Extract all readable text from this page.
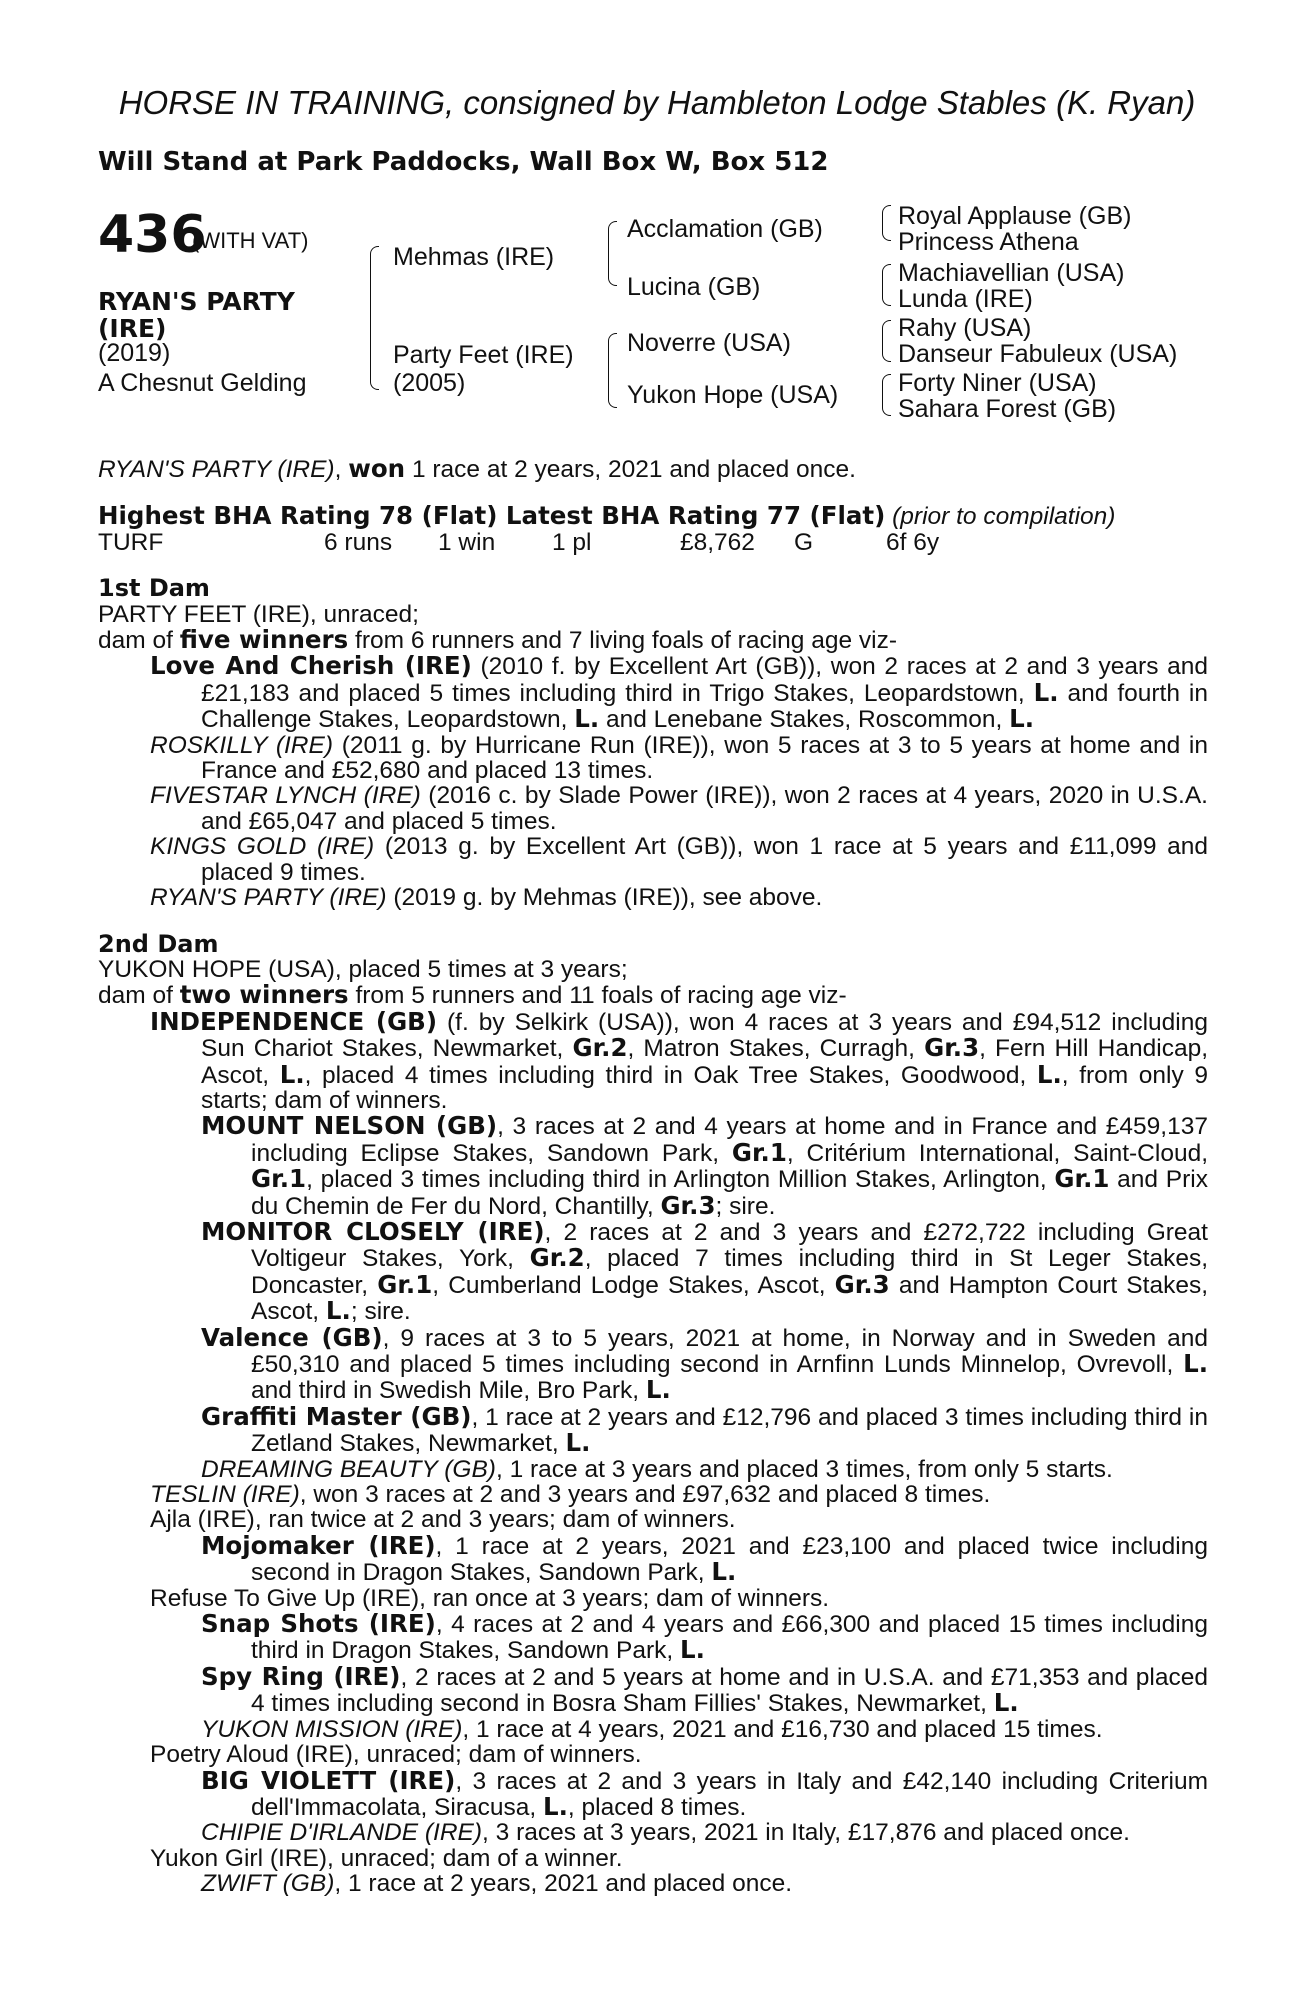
HORSE IN TRAINING, consigned by Hambleton Lodge Stables (K. Ryan)
Will Stand at Park Paddocks, Wall Box W, Box 512
436
(WITH VAT)
RYAN'S PARTY (IRE)
(2019)
A Chesnut Gelding
Mehmas (IRE)
Party Feet (IRE)
(2005)
Acclamation (GB)
Lucina (GB)
Noverre (USA)
Yukon Hope (USA)
Royal Applause (GB)
Princess Athena
Machiavellian (USA)
Lunda (IRE)
Rahy (USA)
Danseur Fabuleux (USA)
Forty Niner (USA)
Sahara Forest (GB)

RYAN'S PARTY (IRE), won 1 race at 2 years, 2021 and placed once.

Highest BHA Rating 78 (Flat) Latest BHA Rating 77 (Flat) (prior to compilation)

TURF	6 runs 1 win 1 pl	£8,762 G	6f 6y

1st Dam

PARTY FEET (IRE), unraced;

dam of five winners from 6 runners and 7 living foals of racing age viz-

Love And Cherish (IRE) (2010 f. by Excellent Art (GB)), won 2 races at 2 and 3 years and £21,183 and placed 5 times including third in Trigo Stakes, Leopardstown, L. and fourth in Challenge Stakes, Leopardstown, L. and Lenebane Stakes, Roscommon, L.

ROSKILLY (IRE) (2011 g. by Hurricane Run (IRE)), won 5 races at 3 to 5 years at home and in France and £52,680 and placed 13 times.

FIVESTAR LYNCH (IRE) (2016 c. by Slade Power (IRE)), won 2 races at 4 years, 2020 in U.S.A. and £65,047 and placed 5 times.

KINGS GOLD (IRE) (2013 g. by Excellent Art (GB)), won 1 race at 5 years and £11,099 and placed 9 times.

RYAN'S PARTY (IRE) (2019 g. by Mehmas (IRE)), see above.

2nd Dam

YUKON HOPE (USA), placed 5 times at 3 years;

dam of two winners from 5 runners and 11 foals of racing age viz-

INDEPENDENCE (GB) (f. by Selkirk (USA)), won 4 races at 3 years and £94,512 including Sun Chariot Stakes, Newmarket, Gr.2, Matron Stakes, Curragh, Gr.3, Fern Hill Handicap, Ascot, L., placed 4 times including third in Oak Tree Stakes, Goodwood, L., from only 9 starts; dam of winners.

MOUNT NELSON (GB), 3 races at 2 and 4 years at home and in France and £459,137 including Eclipse Stakes, Sandown Park, Gr.1, Critérium International, Saint-Cloud, Gr.1, placed 3 times including third in Arlington Million Stakes, Arlington, Gr.1 and Prix du Chemin de Fer du Nord, Chantilly, Gr.3; sire.

MONITOR CLOSELY (IRE), 2 races at 2 and 3 years and £272,722 including Great Voltigeur Stakes, York, Gr.2, placed 7 times including third in St Leger Stakes, Doncaster, Gr.1, Cumberland Lodge Stakes, Ascot, Gr.3 and Hampton Court Stakes, Ascot, L.; sire.

Valence (GB), 9 races at 3 to 5 years, 2021 at home, in Norway and in Sweden and £50,310 and placed 5 times including second in Arnfinn Lunds Minnelop, Ovrevoll, L. and third in Swedish Mile, Bro Park, L.

Graffiti Master (GB), 1 race at 2 years and £12,796 and placed 3 times including third in Zetland Stakes, Newmarket, L.

DREAMING BEAUTY (GB), 1 race at 3 years and placed 3 times, from only 5 starts.

TESLIN (IRE), won 3 races at 2 and 3 years and £97,632 and placed 8 times.

Ajla (IRE), ran twice at 2 and 3 years; dam of winners.

Mojomaker (IRE), 1 race at 2 years, 2021 and £23,100 and placed twice including second in Dragon Stakes, Sandown Park, L.

Refuse To Give Up (IRE), ran once at 3 years; dam of winners.

Snap Shots (IRE), 4 races at 2 and 4 years and £66,300 and placed 15 times including third in Dragon Stakes, Sandown Park, L.

Spy Ring (IRE), 2 races at 2 and 5 years at home and in U.S.A. and £71,353 and placed 4 times including second in Bosra Sham Fillies' Stakes, Newmarket, L.

YUKON MISSION (IRE), 1 race at 4 years, 2021 and £16,730 and placed 15 times.

Poetry Aloud (IRE), unraced; dam of winners.

BIG VIOLETT (IRE), 3 races at 2 and 3 years in Italy and £42,140 including Criterium dell'Immacolata, Siracusa, L., placed 8 times.

CHIPIE D'IRLANDE (IRE), 3 races at 3 years, 2021 in Italy, £17,876 and placed once.

Yukon Girl (IRE), unraced; dam of a winner.

ZWIFT (GB), 1 race at 2 years, 2021 and placed once.
